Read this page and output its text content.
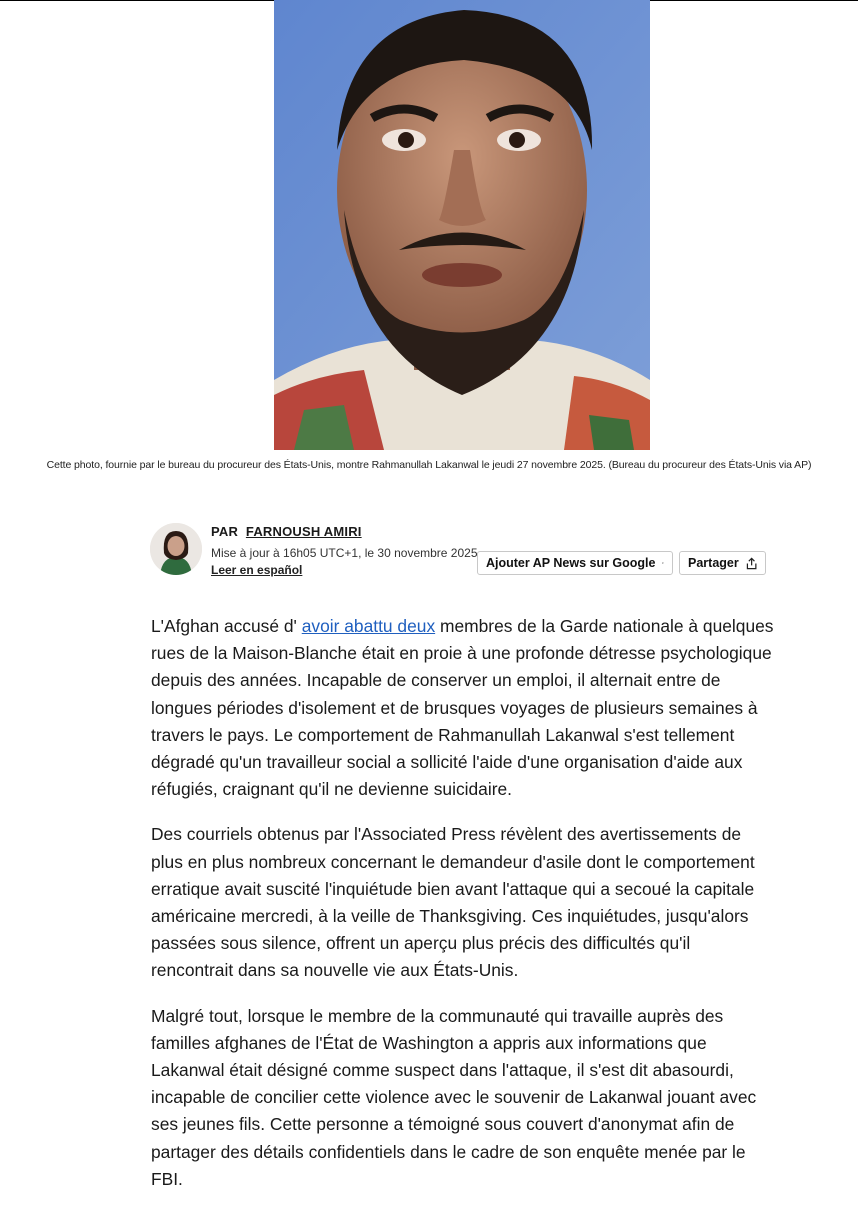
Cette photo, fournie par le bureau du procureur des États-Unis, montre Rahmanullah Lakanwal le jeudi 27 novembre 2025. (Bureau du procureur des États-Unis via AP)
PAR FARNOUSH AMIRI
Mise à jour à 16h05 UTC+1, le 30 novembre 2025
Leer en español	Ajouter AP News sur Google	Partager

L'Afghan accusé d' avoir abattu deux membres de la Garde nationale à quelques rues de la Maison-Blanche était en proie à une profonde détresse psychologique depuis des années. Incapable de conserver un emploi, il alternait entre de longues périodes d'isolement et de brusques voyages de plusieurs semaines à travers le pays. Le comportement de Rahmanullah Lakanwal s'est tellement dégradé qu'un travailleur social a sollicité l'aide d'une organisation d'aide aux réfugiés, craignant qu'il ne devienne suicidaire.

Des courriels obtenus par l'Associated Press révèlent des avertissements de plus en plus nombreux concernant le demandeur d'asile dont le comportement erratique avait suscité l'inquiétude bien avant l'attaque qui a secoué la capitale américaine mercredi, à la veille de Thanksgiving. Ces inquiétudes, jusqu'alors passées sous silence, offrent un aperçu plus précis des difficultés qu'il rencontrait dans sa nouvelle vie aux États-Unis.

Malgré tout, lorsque le membre de la communauté qui travaille auprès des familles afghanes de l'État de Washington a appris aux informations que Lakanwal était désigné comme suspect dans l'attaque, il s'est dit abasourdi, incapable de concilier cette violence avec le souvenir de Lakanwal jouant avec ses jeunes fils. Cette personne a témoigné sous couvert d'anonymat afin de partager des détails confidentiels dans le cadre de son enquête menée par le FBI.
